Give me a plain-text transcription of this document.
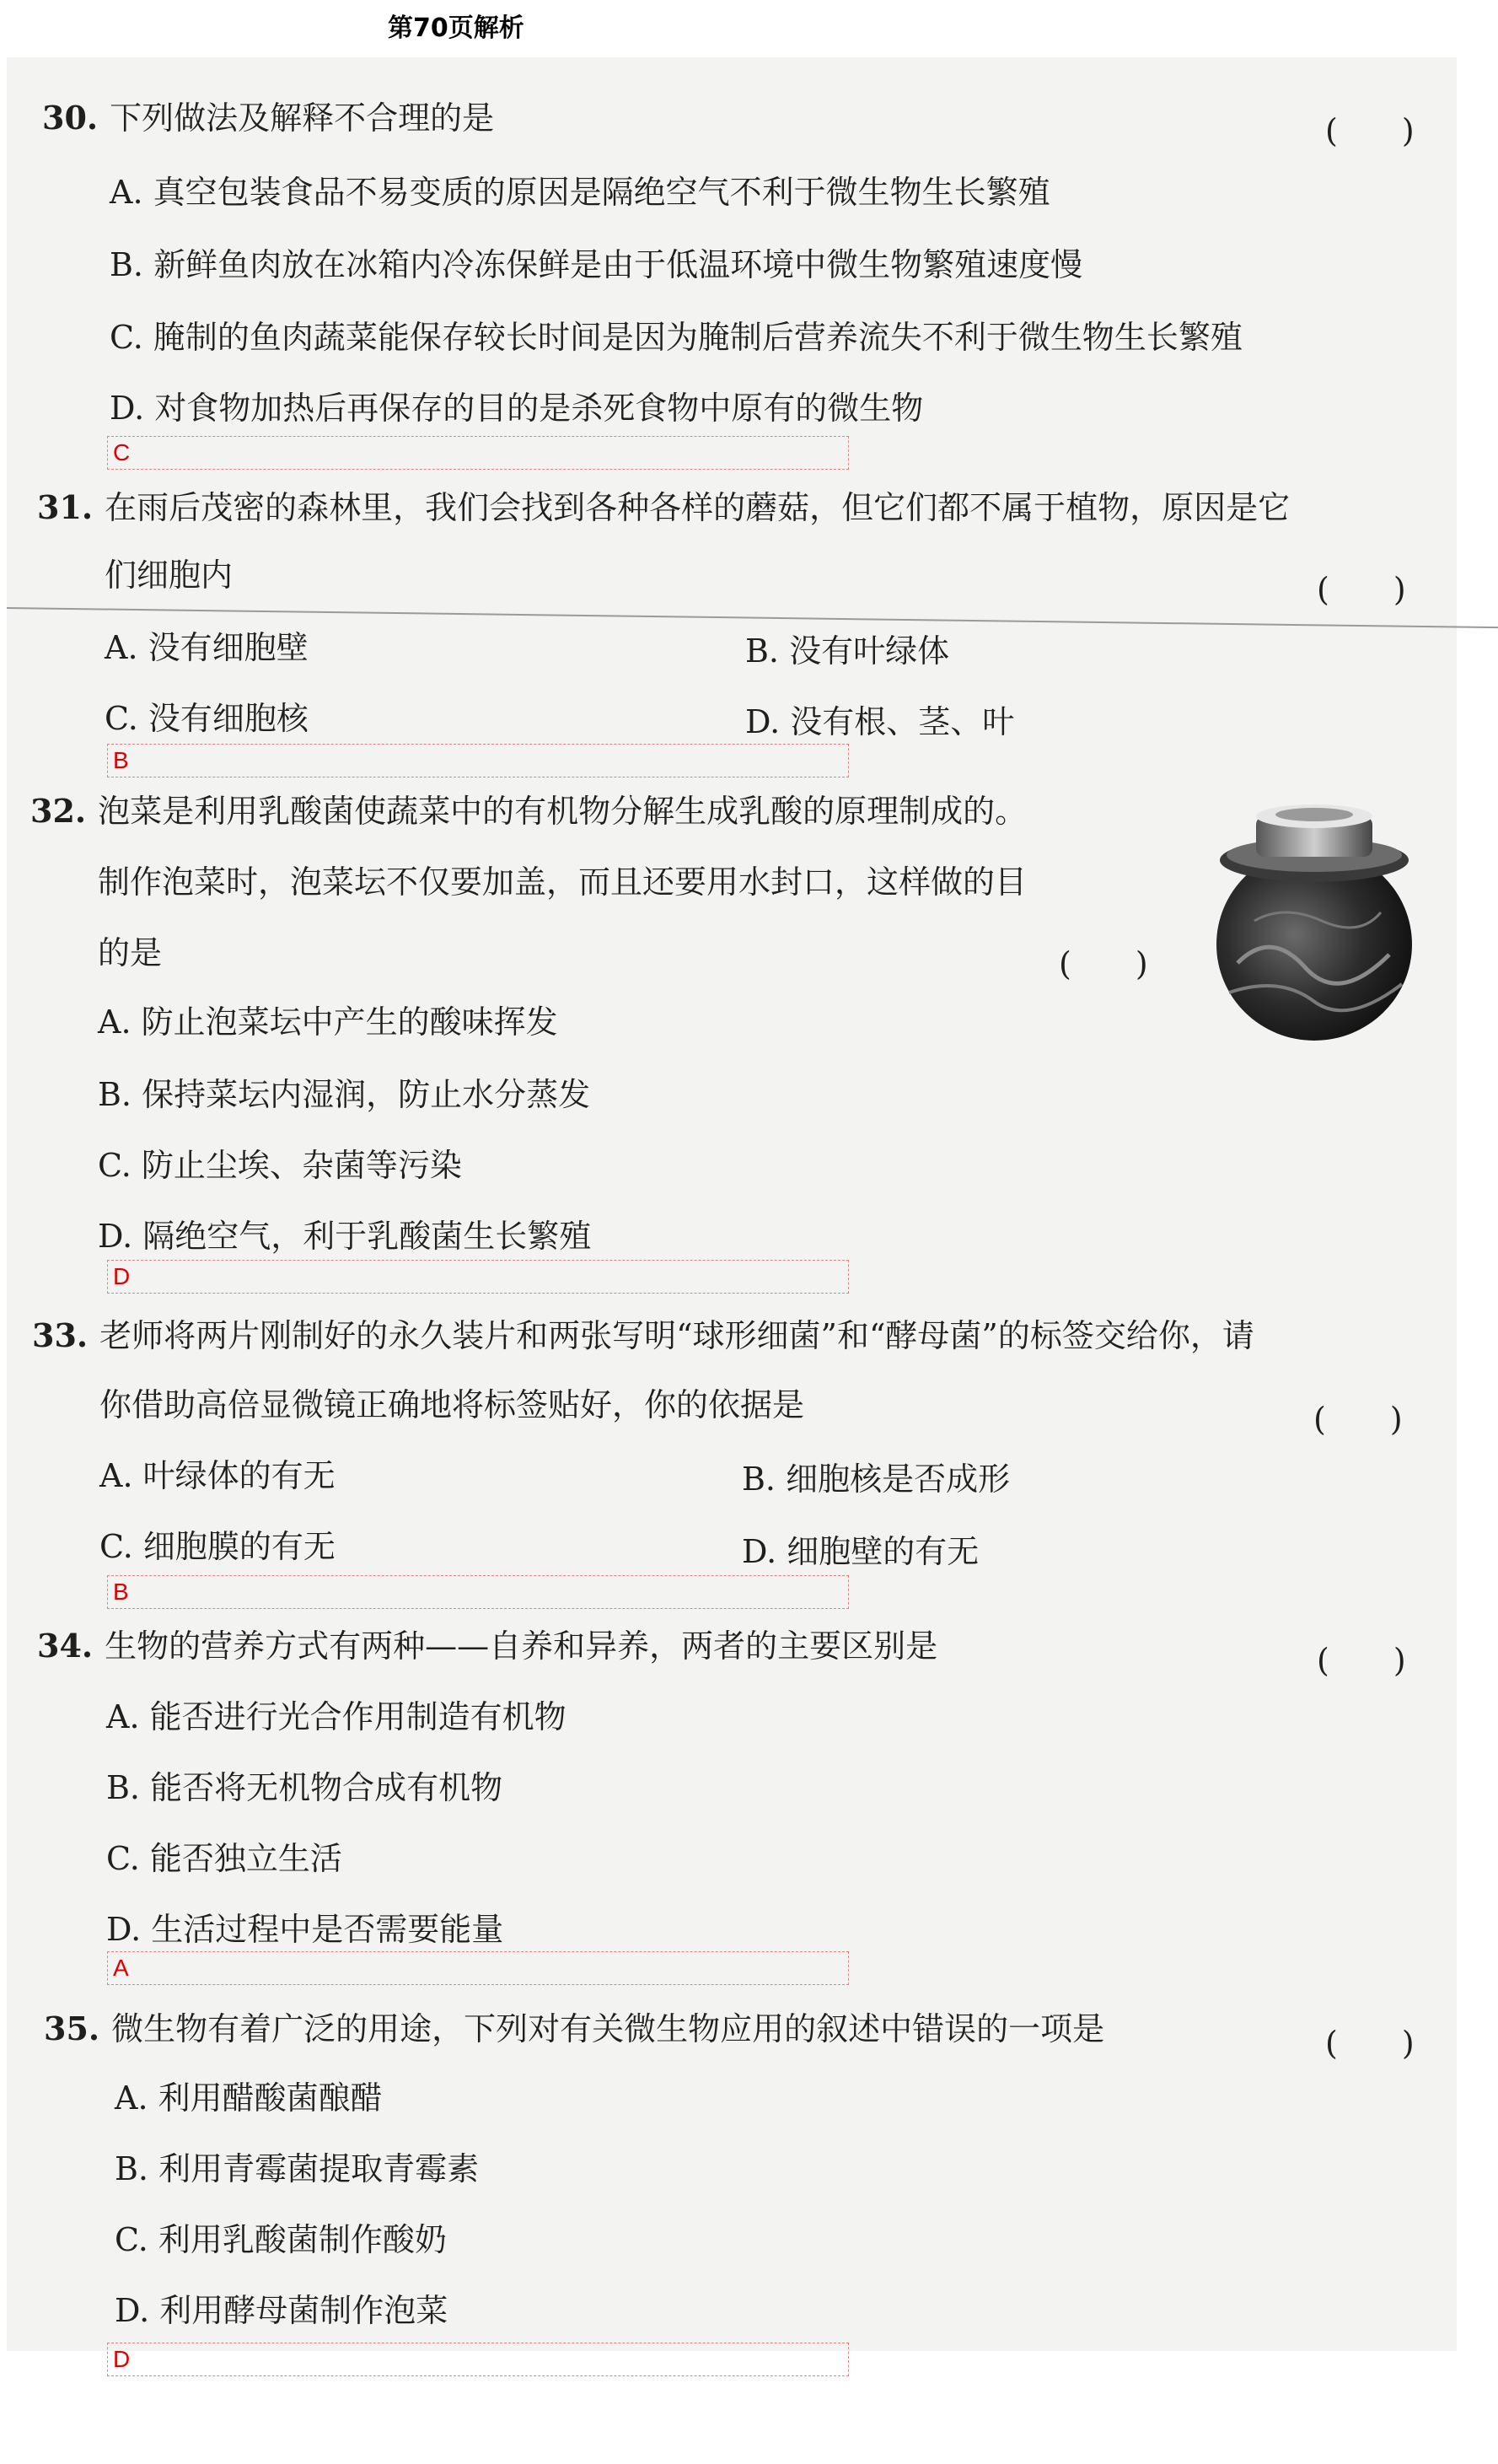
第70页解析
30. 下列做法及解释不合理的是	(　　)
A. 真空包装食品不易变质的原因是隔绝空气不利于微生物生长繁殖
B. 新鲜鱼肉放在冰箱内冷冻保鲜是由于低温环境中微生物繁殖速度慢
C. 腌制的鱼肉蔬菜能保存较长时间是因为腌制后营养流失不利于微生物生长繁殖
D. 对食物加热后再保存的目的是杀死食物中原有的微生物
C
31. 在雨后茂密的森林里，我们会找到各种各样的蘑菇，但它们都不属于植物，原因是它
们细胞内	(　　)
A. 没有细胞壁	B. 没有叶绿体
C. 没有细胞核	D. 没有根、茎、叶
B
32. 泡菜是利用乳酸菌使蔬菜中的有机物分解生成乳酸的原理制成的。
制作泡菜时，泡菜坛不仅要加盖，而且还要用水封口，这样做的目
的是	(　　)
A. 防止泡菜坛中产生的酸味挥发
B. 保持菜坛内湿润，防止水分蒸发
C. 防止尘埃、杂菌等污染
D. 隔绝空气，利于乳酸菌生长繁殖
D
33. 老师将两片刚制好的永久装片和两张写明“球形细菌”和“酵母菌”的标签交给你，请
你借助高倍显微镜正确地将标签贴好，你的依据是	(　　)
A. 叶绿体的有无	B. 细胞核是否成形
C. 细胞膜的有无	D. 细胞壁的有无
B
34. 生物的营养方式有两种——自养和异养，两者的主要区别是	(　　)
A. 能否进行光合作用制造有机物
B. 能否将无机物合成有机物
C. 能否独立生活
D. 生活过程中是否需要能量
A
35. 微生物有着广泛的用途，下列对有关微生物应用的叙述中错误的一项是	(　　)
A. 利用醋酸菌酿醋
B. 利用青霉菌提取青霉素
C. 利用乳酸菌制作酸奶
D. 利用酵母菌制作泡菜
D
